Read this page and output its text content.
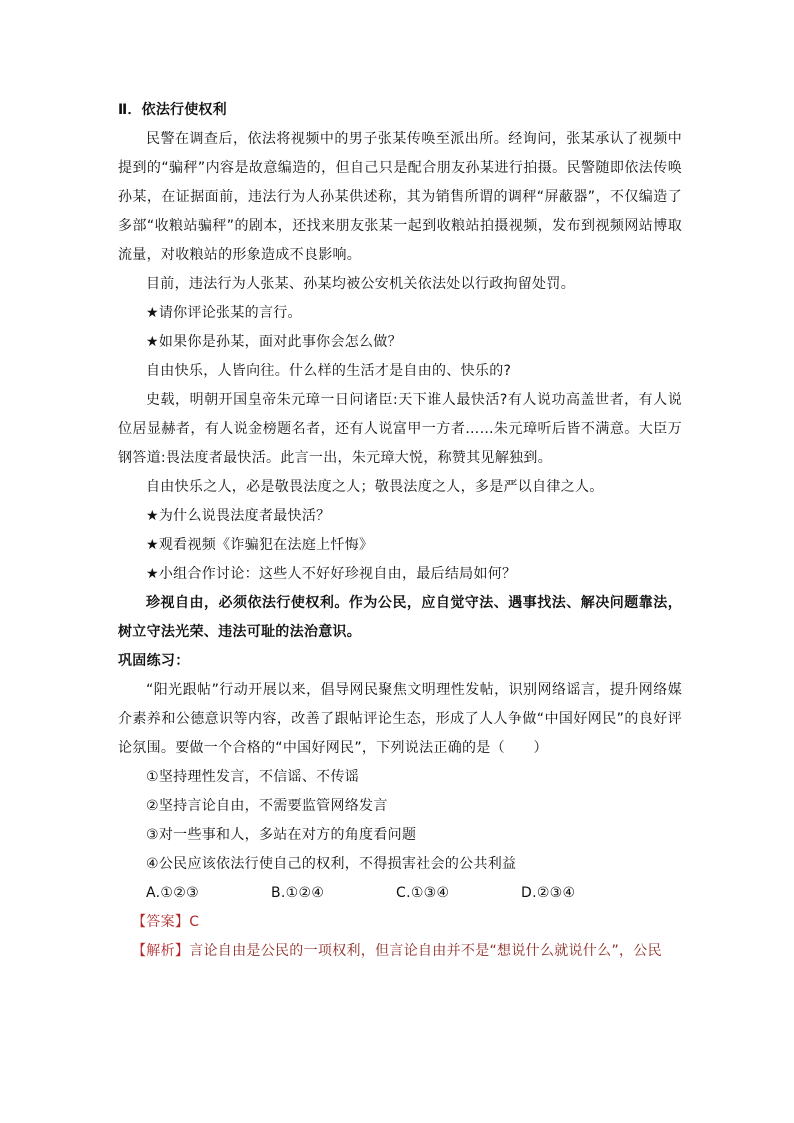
Ⅱ．依法行使权利

民警在调查后，依法将视频中的男子张某传唤至派出所。经询问，张某承认了视频中提到的“骗秤”内容是故意编造的，但自己只是配合朋友孙某进行拍摄。民警随即依法传唤孙某，在证据面前，违法行为人孙某供述称，其为销售所谓的调秤“屏蔽器”，不仅编造了多部“收粮站骗秤”的剧本，还找来朋友张某一起到收粮站拍摄视频，发布到视频网站博取流量，对收粮站的形象造成不良影响。

目前，违法行为人张某、孙某均被公安机关依法处以行政拘留处罚。

★请你评论张某的言行。

★如果你是孙某，面对此事你会怎么做？

自由快乐，人皆向往。什么样的生活才是自由的、快乐的?

史载，明朝开国皇帝朱元璋一日问诸臣:天下谁人最快活?有人说功高盖世者，有人说位居显赫者，有人说金榜题名者，还有人说富甲一方者……朱元璋听后皆不满意。大臣万钢答道:畏法度者最快活。此言一出，朱元璋大悦，称赞其见解独到。

自由快乐之人，必是敬畏法度之人；敬畏法度之人，多是严以自律之人。

★为什么说畏法度者最快活？

★观看视频《诈骗犯在法庭上忏悔》

★小组合作讨论：这些人不好好珍视自由，最后结局如何？

珍视自由，必须依法行使权利。作为公民，应自觉守法、遇事找法、解决问题靠法，树立守法光荣、违法可耻的法治意识。

巩固练习：

“阳光跟帖”行动开展以来，倡导网民聚焦文明理性发帖，识别网络谣言，提升网络媒介素养和公德意识等内容，改善了跟帖评论生态，形成了人人争做“中国好网民”的良好评论氛围。要做一个合格的“中国好网民”，下列说法正确的是（　　）

①坚持理性发言，不信谣、不传谣

②坚持言论自由，不需要监管网络发言

③对一些事和人，多站在对方的角度看问题

④公民应该依法行使自己的权利，不得损害社会的公共利益

A.①②③	B.①②④	C.①③④	D.②③④

【答案】C

【解析】言论自由是公民的一项权利，但言论自由并不是“想说什么就说什么”，公民
